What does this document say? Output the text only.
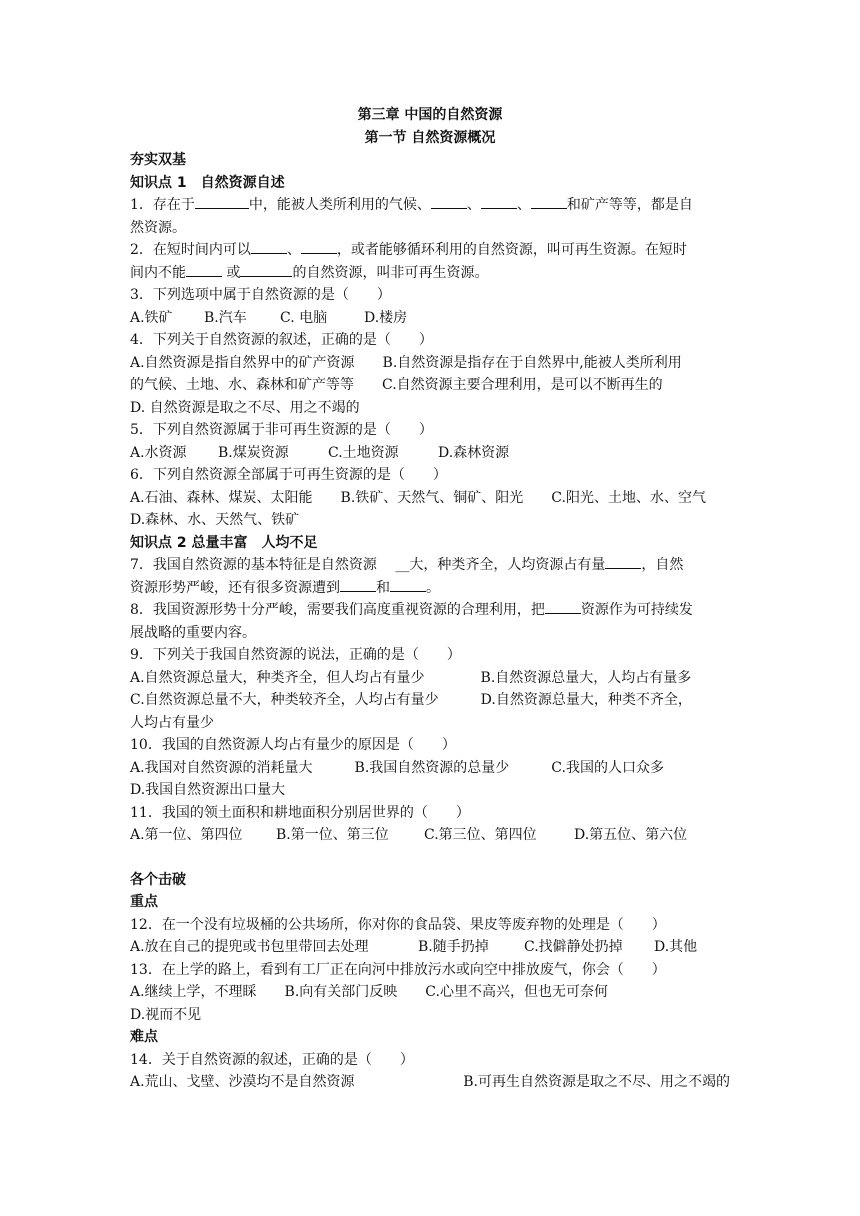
第三章 中国的自然资源

第一节 自然资源概况

夯实双基

知识点 1　自然资源自述

1．存在于	中，能被人类所利用的气候、	、	、	和矿产等等，都是自

然资源。

2．在短时间内可以	、	，或者能够循环利用的自然资源，叫可再生资源。在短时

间内不能	或	的自然资源，叫非可再生资源。

3．下列选项中属于自然资源的是（　　）

A.铁矿	B.汽车	C. 电脑	D.楼房

4．下列关于自然资源的叙述，正确的是（　　）

A.自然资源是指自然界中的矿产资源　　B.自然资源是指存在于自然界中,能被人类所利用

的气候、土地、水、森林和矿产等等　　C.自然资源主要合理利用，是可以不断再生的

D. 自然资源是取之不尽、用之不竭的

5．下列自然资源属于非可再生资源的是（　　）

A.水资源	B.煤炭资源	C.土地资源	D.森林资源

6．下列自然资源全部属于可再生资源的是（　　）

A.石油、森林、煤炭、太阳能　　B.铁矿、天然气、铜矿、阳光　　C.阳光、土地、水、空气

D.森林、水、天然气、铁矿

知识点 2 总量丰富　人均不足

7．我国自然资源的基本特征是自然资源　 __大，种类齐全，人均资源占有量	，自然

资源形势严峻，还有很多资源遭到	和	。

8．我国资源形势十分严峻，需要我们高度重视资源的合理利用，把	资源作为可持续发

展战略的重要内容。

9．下列关于我国自然资源的说法，正确的是（　　）

A.自然资源总量大，种类齐全，但人均占有量少　　　　B.自然资源总量大，人均占有量多

C.自然资源总量不大，种类较齐全，人均占有量少　　　D.自然资源总量大，种类不齐全，

人均占有量少

10．我国的自然资源人均占有量少的原因是（　　）

A.我国对自然资源的消耗量大　　　B.我国自然资源的总量少　　　C.我国的人口众多

D.我国自然资源出口量大

11．我国的领土面积和耕地面积分别居世界的（　　）

A.第一位、第四位	B.第一位、第三位	C.第三位、第四位	D.第五位、第六位

各个击破

重点

12．在一个没有垃圾桶的公共场所，你对你的食品袋、果皮等废弃物的处理是（　　）

A.放在自己的提兜或书包里带回去处理	B.随手扔掉	C.找僻静处扔掉	D.其他

13．在上学的路上，看到有工厂正在向河中排放污水或向空中排放废气，你会（　　）

A.继续上学，不理睬　　B.向有关部门反映　　C.心里不高兴，但也无可奈何

D.视而不见

难点

14．关于自然资源的叙述，正确的是（　　）

A.荒山、戈壁、沙漠均不是自然资源	B.可再生自然资源是取之不尽、用之不竭的
